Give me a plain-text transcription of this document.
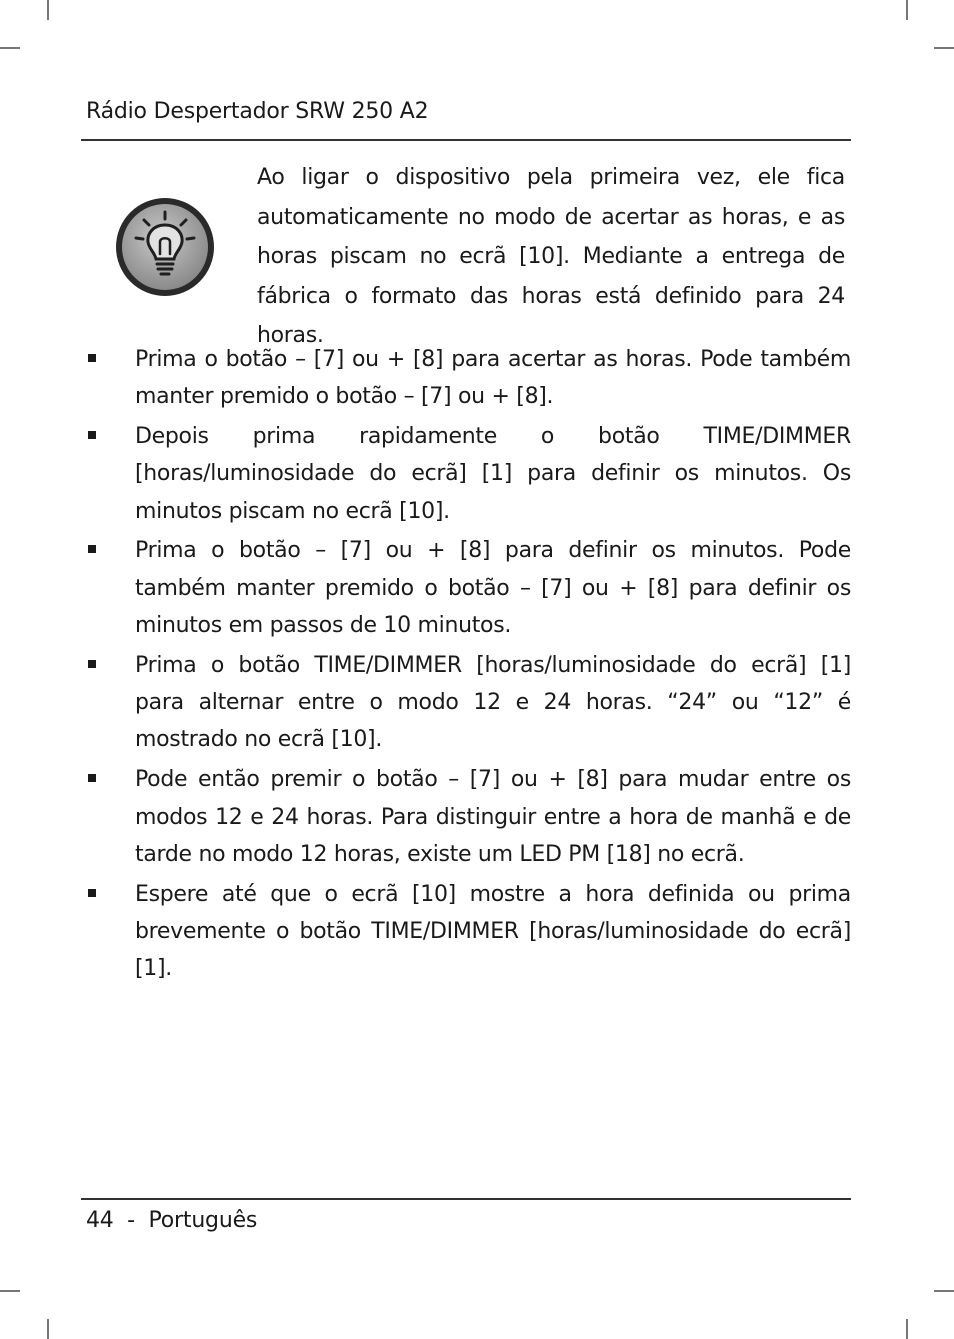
Rádio Despertador SRW 250 A2
Ao ligar o dispositivo pela primeira vez, ele fica automaticamente no modo de acertar as horas, e as horas piscam no ecrã [10]. Mediante a entrega de fábrica o formato das horas está definido para 24 horas.
Prima o botão – [7] ou + [8] para acertar as horas. Pode também manter premido o botão – [7] ou + [8].
Depois prima rapidamente o botão TIME/DIMMER [horas/luminosidade do ecrã] [1] para definir os minutos. Os minutos piscam no ecrã [10].
Prima o botão – [7] ou + [8] para definir os minutos. Pode também manter premido o botão – [7] ou + [8] para definir os minutos em passos de 10 minutos.
Prima o botão TIME/DIMMER [horas/luminosidade do ecrã] [1] para alternar entre o modo 12 e 24 horas. “24” ou “12” é mostrado no ecrã [10].
Pode então premir o botão – [7] ou + [8] para mudar entre os modos 12 e 24 horas. Para distinguir entre a hora de manhã e de tarde no modo 12 horas, existe um LED PM [18] no ecrã.
Espere até que o ecrã [10] mostre a hora definida ou prima brevemente o botão TIME/DIMMER [horas/luminosidade do ecrã] [1].
44  -  Português
